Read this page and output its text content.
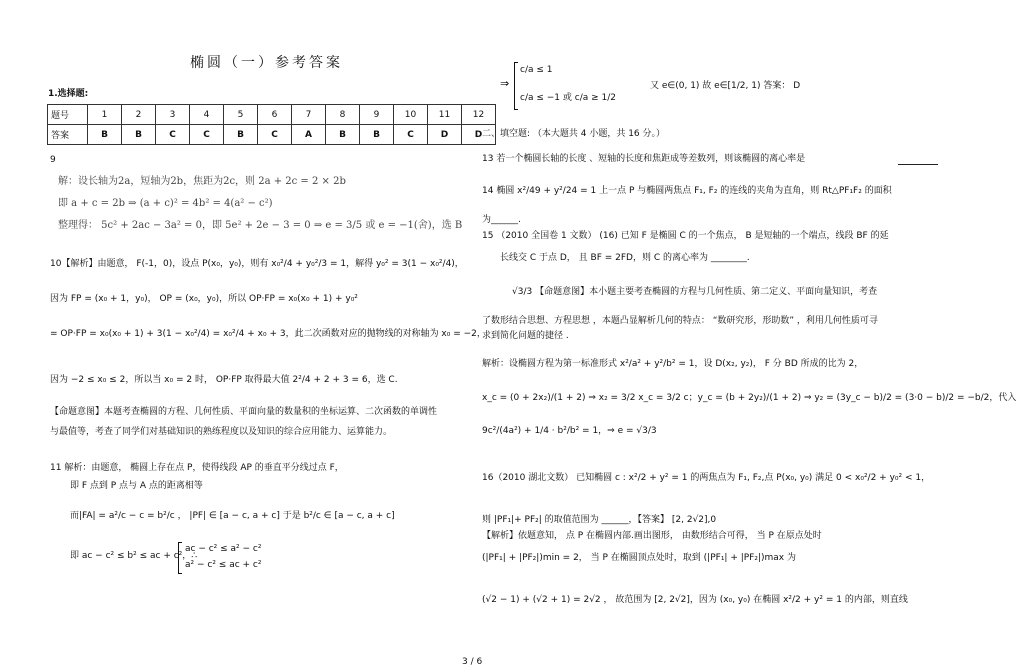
椭圆（一）参考答案
1.选择题:
题号	1	2	3	4	5	6	7	8	9	10	11	12
答案	B	B	C	C	B	C	A	B	B	C	D	D
9
解：设长轴为2a，短轴为2b，焦距为2c，则 2a + 2c = 2 × 2b
即 a + c = 2b ⇒ (a + c)² = 4b² = 4(a² − c²)
整理得： 5c² + 2ac − 3a² = 0，即 5e² + 2e − 3 = 0 ⇒ e = 3/5 或 e = −1(舍)，选 B
10【解析】由题意， F(-1，0)，设点 P(x₀，y₀)，则有 x₀²/4 + y₀²/3 = 1，解得 y₀² = 3(1 − x₀²/4)，
因为 FP = (x₀ + 1，y₀)， OP = (x₀，y₀)，所以 OP·FP = x₀(x₀ + 1) + y₀²
= OP·FP = x₀(x₀ + 1) + 3(1 − x₀²/4) = x₀²/4 + x₀ + 3，此二次函数对应的抛物线的对称轴为 x₀ = −2，
因为 −2 ≤ x₀ ≤ 2，所以当 x₀ = 2 时， OP·FP 取得最大值 2²/4 + 2 + 3 = 6，选 C.
【命题意图】本题考查椭圆的方程、几何性质、平面向量的数量积的坐标运算、二次函数的单调性
与最值等，考查了同学们对基础知识的熟练程度以及知识的综合应用能力、运算能力。
11 解析：由题意， 椭圆上存在点 P，使得线段 AP 的垂直平分线过点 F，
即 F 点到 P 点与 A 点的距离相等
而|FA| = a²/c − c = b²/c ， |PF| ∈ [a − c, a + c] 于是 b²/c ∈ [a − c, a + c]
即 ac − c² ≤ b² ≤ ac + c²，∴
ac − c² ≤ a² − c²
a² − c² ≤ ac + c²
⇒
c/a ≤ 1
c/a ≤ −1 或 c/a ≥ 1/2
又 e∈(0, 1) 故 e∈[1/2, 1) 答案： D
二、填空题: （本大题共 4 小题，共 16 分。）
13 若一个椭圆长轴的长度 、短轴的长度和焦距成等差数列，则该椭圆的离心率是
14 椭圆 x²/49 + y²/24 = 1 上一点 P 与椭圆两焦点 F₁, F₂ 的连线的夹角为直角，则 Rt△PF₁F₂ 的面积
为______.
15 （2010 全国卷 1 文数） (16) 已知 F 是椭圆 C 的一个焦点， B 是短轴的一个端点，线段 BF 的延
长线交 C 于点 D， 且 BF = 2FD，则 C 的离心率为 ________.
√3/3 【命题意图】本小题主要考查椭圆的方程与几何性质、第二定义、平面向量知识，考查
了数形结合思想、方程思想 ，本题凸显解析几何的特点： “数研究形，形助数” ，利用几何性质可寻
求到简化问题的捷径 .
解析：设椭圆方程为第一标准形式 x²/a² + y²/b² = 1，设 D(x₂, y₂)， F 分 BD 所成的比为 2，
x_c = (0 + 2x₂)/(1 + 2) ⇒ x₂ = 3/2 x_c = 3/2 c；y_c = (b + 2y₂)/(1 + 2) ⇒ y₂ = (3y_c − b)/2 = (3·0 − b)/2 = −b/2，代入
9c²/(4a²) + 1/4 · b²/b² = 1，⇒ e = √3/3
16（2010 湖北文数） 已知椭圆 c : x²/2 + y² = 1 的两焦点为 F₁, F₂,点 P(x₀, y₀) 满足 0 < x₀²/2 + y₀² < 1，
则 |PF₁|+ PF₂| 的取值范围为 ______，【答案】 [2, 2√2],0
【解析】依题意知， 点 P 在椭圆内部.画出图形， 由数形结合可得， 当 P 在原点处时
(|PF₁| + |PF₂|)min = 2， 当 P 在椭圆顶点处时，取到 (|PF₁| + |PF₂|)max 为
(√2 − 1) + (√2 + 1) = 2√2 ， 故范围为 [2, 2√2]，因为 (x₀, y₀) 在椭圆 x²/2 + y² = 1 的内部，则直线
3 / 6
